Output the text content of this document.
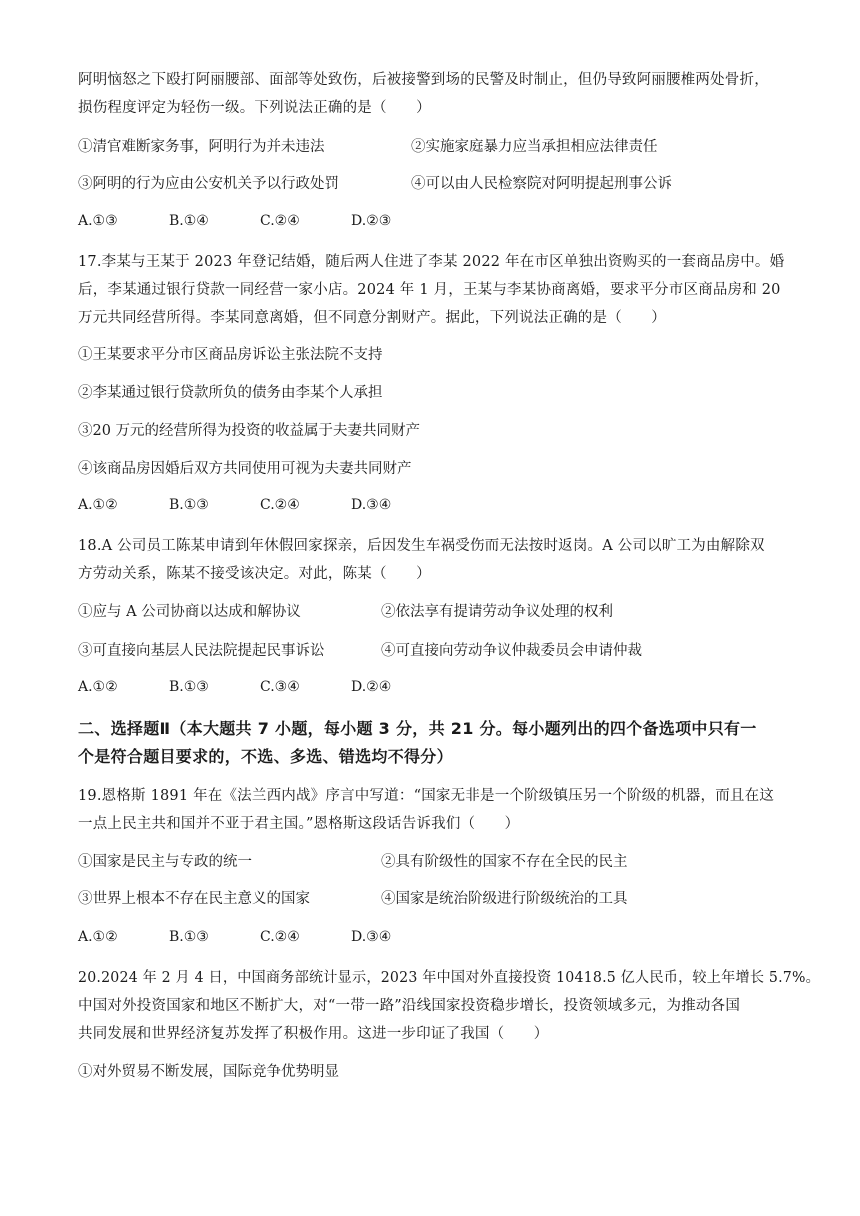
阿明恼怒之下殴打阿丽腰部、面部等处致伤，后被接警到场的民警及时制止，但仍导致阿丽腰椎两处骨折，
损伤程度评定为轻伤一级。下列说法正确的是（　　）
①清官难断家务事，阿明行为并未违法	②实施家庭暴力应当承担相应法律责任
③阿明的行为应由公安机关予以行政处罚	④可以由人民检察院对阿明提起刑事公诉
A.①③	B.①④	C.②④	D.②③
17.李某与王某于 2023 年登记结婚，随后两人住进了李某 2022 年在市区单独出资购买的一套商品房中。婚
后，李某通过银行贷款一同经营一家小店。2024 年 1 月，王某与李某协商离婚，要求平分市区商品房和 20
万元共同经营所得。李某同意离婚，但不同意分割财产。据此，下列说法正确的是（　　）
①王某要求平分市区商品房诉讼主张法院不支持
②李某通过银行贷款所负的债务由李某个人承担
③20 万元的经营所得为投资的收益属于夫妻共同财产
④该商品房因婚后双方共同使用可视为夫妻共同财产
A.①②	B.①③	C.②④	D.③④
18.A 公司员工陈某申请到年休假回家探亲，后因发生车祸受伤而无法按时返岗。A 公司以旷工为由解除双
方劳动关系，陈某不接受该决定。对此，陈某（　　）
①应与 A 公司协商以达成和解协议	②依法享有提请劳动争议处理的权利
③可直接向基层人民法院提起民事诉讼	④可直接向劳动争议仲裁委员会申请仲裁
A.①②	B.①③	C.③④	D.②④
二、选择题Ⅱ（本大题共 7 小题，每小题 3 分，共 21 分。每小题列出的四个备选项中只有一
个是符合题目要求的，不选、多选、错选均不得分）
19.恩格斯 1891 年在《法兰西内战》序言中写道：“国家无非是一个阶级镇压另一个阶级的机器，而且在这
一点上民主共和国并不亚于君主国。”恩格斯这段话告诉我们（　　）
①国家是民主与专政的统一	②具有阶级性的国家不存在全民的民主
③世界上根本不存在民主意义的国家	④国家是统治阶级进行阶级统治的工具
A.①②	B.①③	C.②④	D.③④
20.2024 年 2 月 4 日，中国商务部统计显示，2023 年中国对外直接投资 10418.5 亿人民币，较上年增长 5.7%。
中国对外投资国家和地区不断扩大，对“一带一路”沿线国家投资稳步增长，投资领域多元，为推动各国
共同发展和世界经济复苏发挥了积极作用。这进一步印证了我国（　　）
①对外贸易不断发展，国际竞争优势明显
